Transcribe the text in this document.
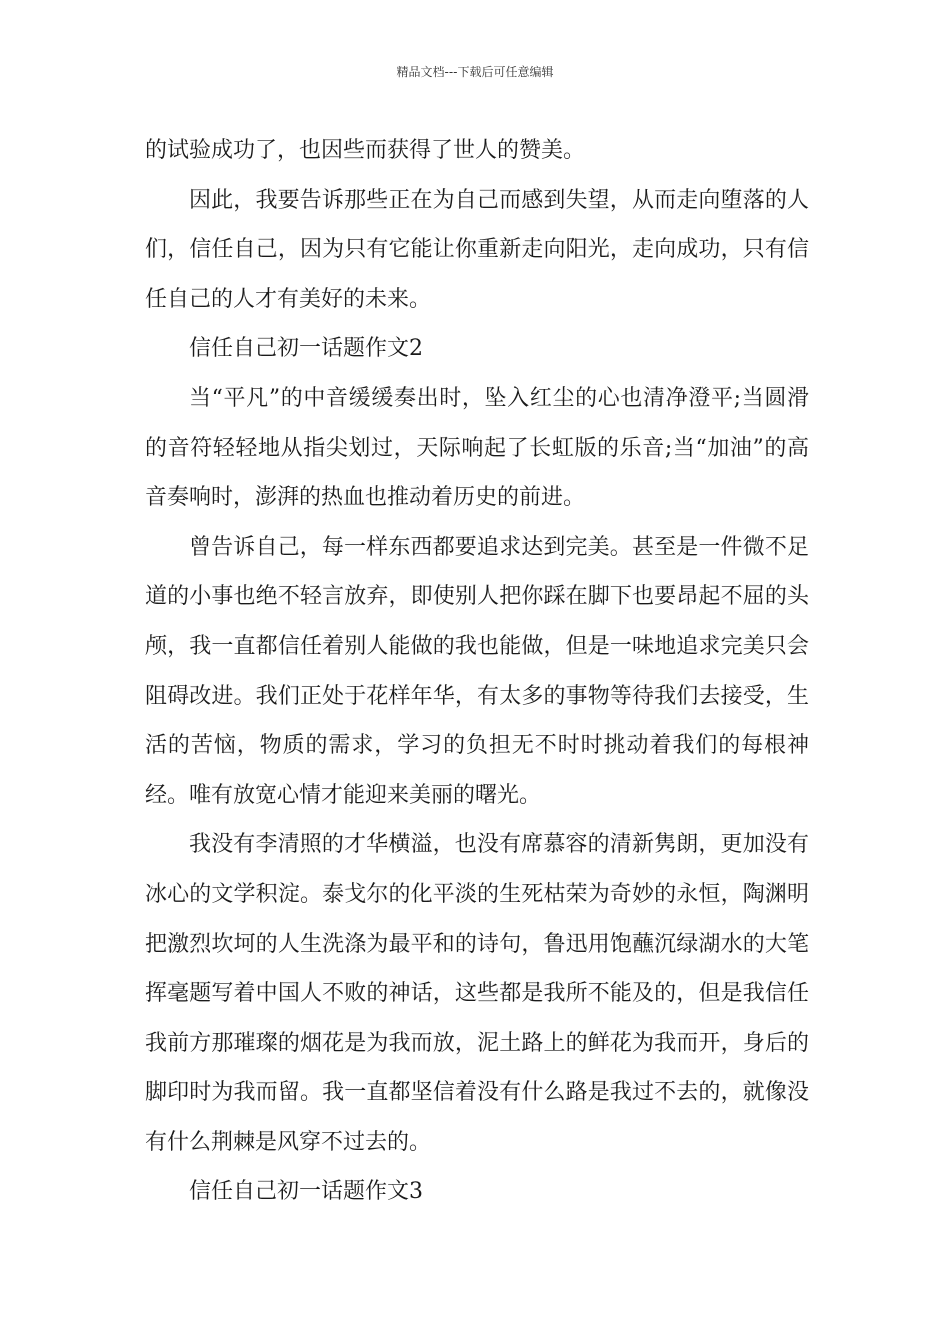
精品文档---下载后可任意编辑

的试验成功了，也因些而获得了世人的赞美。

因此，我要告诉那些正在为自己而感到失望，从而走向堕落的人们，信任自己，因为只有它能让你重新走向阳光，走向成功，只有信任自己的人才有美好的未来。

信任自己初一话题作文2

当“平凡”的中音缓缓奏出时，坠入红尘的心也清净澄平;当圆滑的音符轻轻地从指尖划过，天际响起了长虹版的乐音;当“加油”的高音奏响时，澎湃的热血也推动着历史的前进。

曾告诉自己，每一样东西都要追求达到完美。甚至是一件微不足道的小事也绝不轻言放弃，即使别人把你踩在脚下也要昂起不屈的头颅，我一直都信任着别人能做的我也能做，但是一味地追求完美只会阻碍改进。我们正处于花样年华，有太多的事物等待我们去接受，生活的苦恼，物质的需求，学习的负担无不时时挑动着我们的每根神经。唯有放宽心情才能迎来美丽的曙光。

我没有李清照的才华横溢，也没有席慕容的清新隽朗，更加没有冰心的文学积淀。泰戈尔的化平淡的生死枯荣为奇妙的永恒，陶渊明把激烈坎坷的人生洗涤为最平和的诗句，鲁迅用饱蘸沉绿湖水的大笔挥毫题写着中国人不败的神话，这些都是我所不能及的，但是我信任我前方那璀璨的烟花是为我而放，泥土路上的鲜花为我而开，身后的脚印时为我而留。我一直都坚信着没有什么路是我过不去的，就像没有什么荆棘是风穿不过去的。

信任自己初一话题作文3
